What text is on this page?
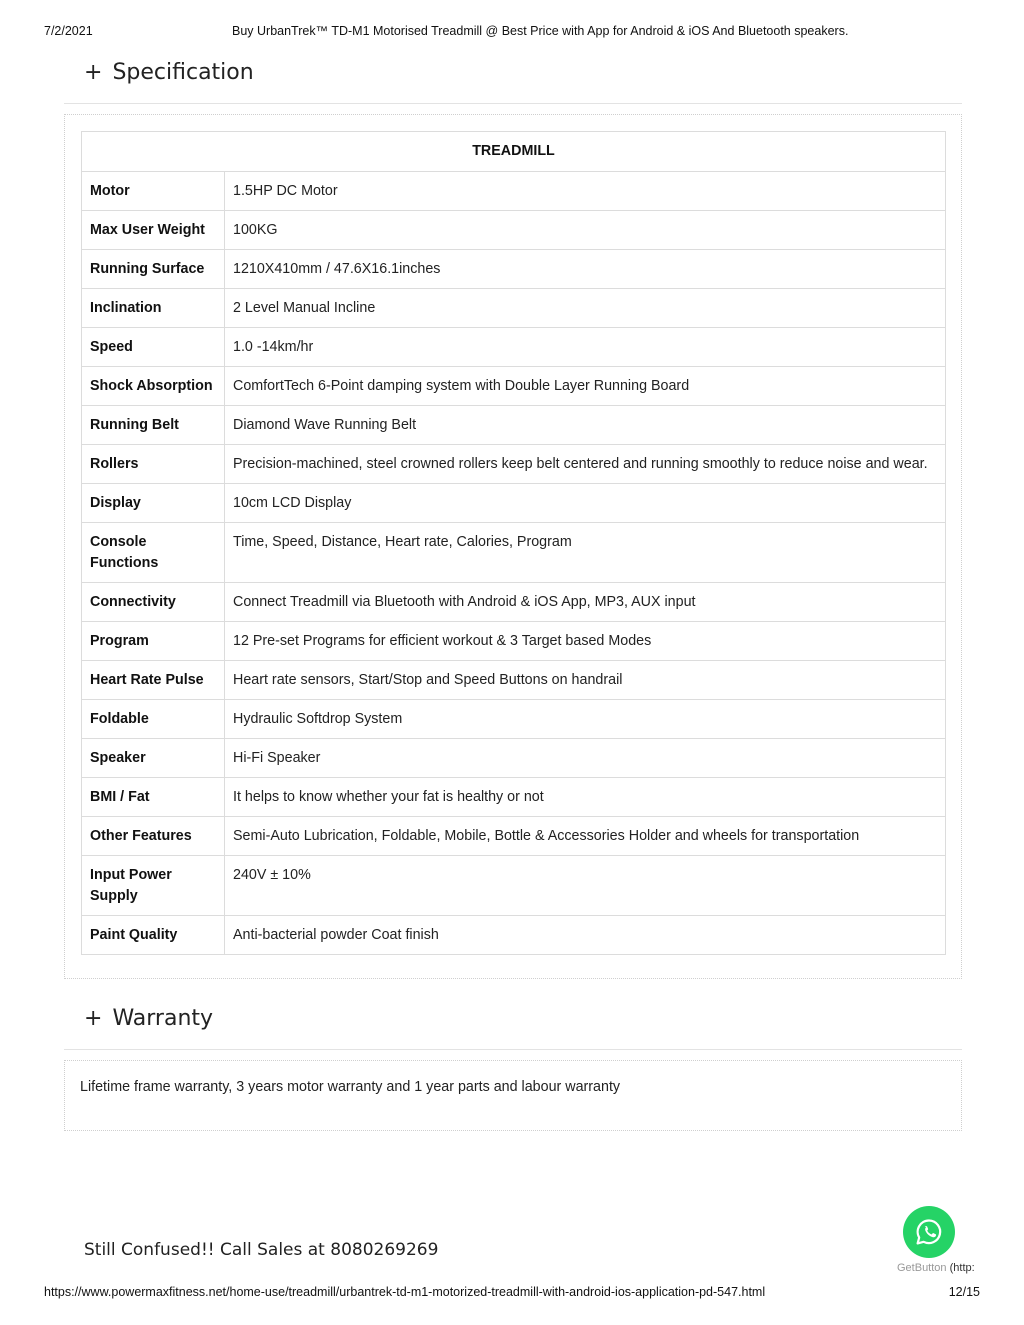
7/2/2021	Buy UrbanTrek™ TD-M1 Motorised Treadmill @ Best Price with App for Android & iOS And Bluetooth speakers.
+ Specification
TREADMILL	
Motor	1.5HP DC Motor
Max User Weight	100KG
Running Surface	1210X410mm / 47.6X16.1inches
Inclination	2 Level Manual Incline
Speed	1.0 -14km/hr
Shock Absorption	ComfortTech 6-Point damping system with Double Layer Running Board
Running Belt	Diamond Wave Running Belt
Rollers	Precision-machined, steel crowned rollers keep belt centered and running smoothly to reduce noise and wear.
Display	10cm LCD Display
Console Functions	Time, Speed, Distance, Heart rate, Calories, Program
Connectivity	Connect Treadmill via Bluetooth with Android & iOS App, MP3, AUX input
Program	12 Pre-set Programs for efficient workout & 3 Target based Modes
Heart Rate Pulse	Heart rate sensors, Start/Stop and Speed Buttons on handrail
Foldable	Hydraulic Softdrop System
Speaker	Hi-Fi Speaker
BMI / Fat	It helps to know whether your fat is healthy or not
Other Features	Semi-Auto Lubrication, Foldable, Mobile, Bottle & Accessories Holder and wheels for transportation
Input Power Supply	240V ± 10%
Paint Quality	Anti-bacterial powder Coat finish
+ Warranty
Lifetime frame warranty, 3 years motor warranty and 1 year parts and labour warranty
Still Confused!! Call Sales at 8080269269
GetButton (http:
https://www.powermaxfitness.net/home-use/treadmill/urbantrek-td-m1-motorized-treadmill-with-android-ios-application-pd-547.html	12/15
